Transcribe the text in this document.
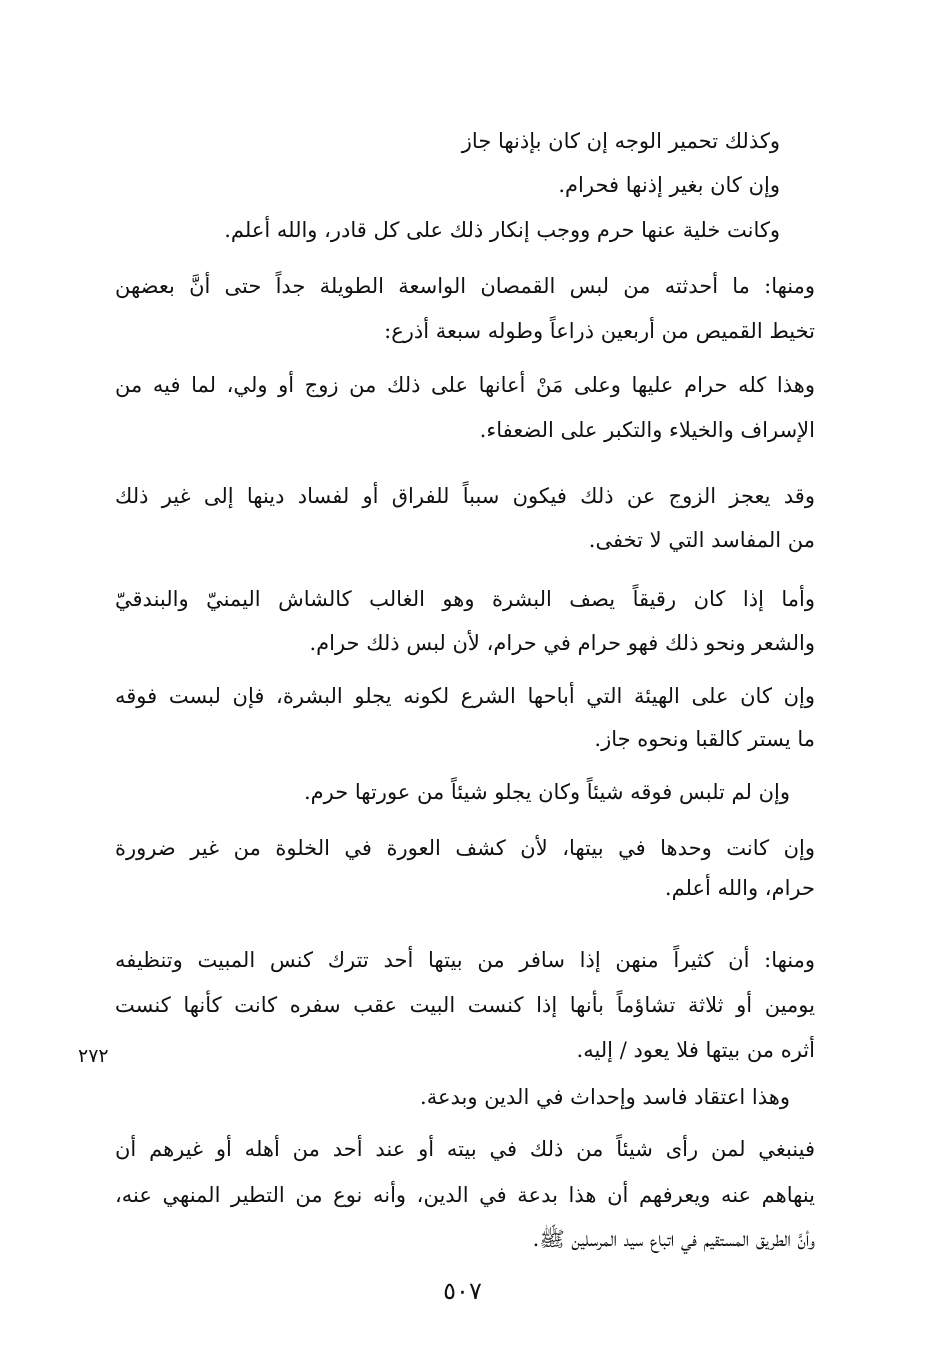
وكذلك تحمير الوجه إن كان بإذنها جاز
وإن كان بغير إذنها فحرام.
وكانت خلية عنها حرم ووجب إنكار ذلك على كل قادر، والله أعلم.
ومنها: ما أحدثته من لبس القمصان الواسعة الطويلة جداً حتى أنَّ بعضهن
تخيط القميص من أربعين ذراعاً وطوله سبعة أذرع:
وهذا كله حرام عليها وعلى مَنْ أعانها على ذلك من زوج أو ولي، لما فيه من
الإسراف والخيلاء والتكبر على الضعفاء.
وقد يعجز الزوج عن ذلك فيكون سبباً للفراق أو لفساد دينها إلى غير ذلك
من المفاسد التي لا تخفى.
وأما إذا كان رقيقاً يصف البشرة وهو الغالب كالشاش اليمنيّ والبندقيّ
والشعر ونحو ذلك فهو حرام في حرام، لأن لبس ذلك حرام.
وإن كان على الهيئة التي أباحها الشرع لكونه يجلو البشرة، فإن لبست فوقه
ما يستر كالقبا ونحوه جاز.
وإن لم تلبس فوقه شيئاً وكان يجلو شيئاً من عورتها حرم.
وإن كانت وحدها في بيتها، لأن كشف العورة في الخلوة من غير ضرورة
حرام، والله أعلم.
ومنها: أن كثيراً منهن إذا سافر من بيتها أحد تترك كنس المبيت وتنظيفه
يومين أو ثلاثة تشاؤماً بأنها إذا كنست البيت عقب سفره كانت كأنها كنست
أثره من بيتها فلا يعود / إليه.
وهذا اعتقاد فاسد وإحداث في الدين وبدعة.
فينبغي لمن رأى شيئاً من ذلك في بيته أو عند أحد من أهله أو غيرهم أن
ينهاهم عنه ويعرفهم أن هذا بدعة في الدين، وأنه نوع من التطير المنهي عنه،
وأنَّ الطريق المستقيم في اتباع سيد المرسلين ﷺ.
٢٧٢
٥٠٧
